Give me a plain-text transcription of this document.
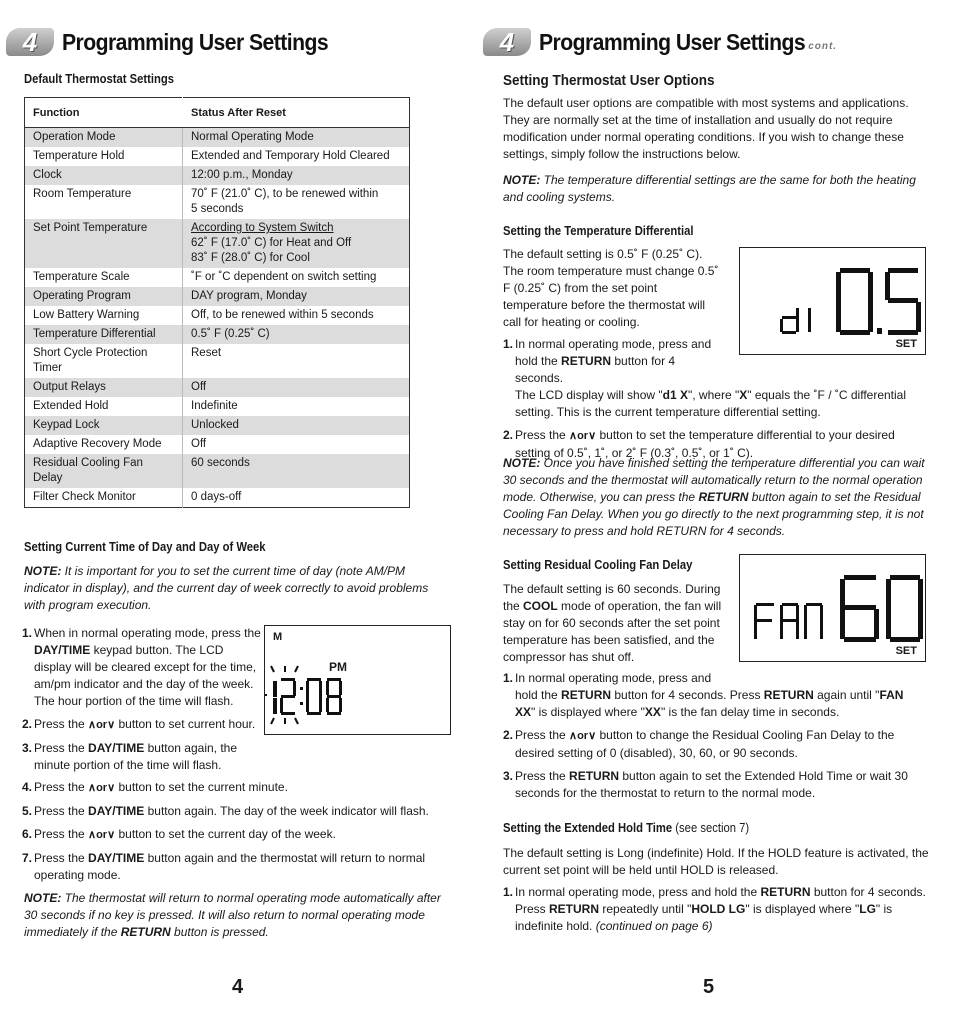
4	Programming User Settings
Default Thermostat Settings
Function	Status After Reset
Operation Mode	Normal Operating Mode
Temperature Hold	Extended and Temporary Hold Cleared
Clock	12:00 p.m., Monday
Room Temperature	70˚ F (21.0˚ C), to be renewed within
5 seconds
Set Point Temperature	According to System Switch
62˚ F (17.0˚ C) for Heat and Off
83˚ F (28.0˚ C) for Cool
Temperature Scale	˚F or ˚C dependent on switch setting
Operating Program	DAY program, Monday
Low Battery Warning	Off, to be renewed within 5 seconds
Temperature Differential	0.5˚ F (0.25˚ C)
Short Cycle Protection Timer	Reset
Output Relays	Off
Extended Hold	Indefinite
Keypad Lock	Unlocked
Adaptive Recovery Mode	Off
Residual Cooling Fan Delay	60 seconds
Filter Check Monitor	0 days-off
Setting Current Time of Day and Day of Week
NOTE: It is important for you to set the current time of day (note AM/PM indicator in display), and the current day of week correctly to avoid problems with program execution.
M
PM
1. When in normal operating mode, press the DAY/TIME keypad button. The LCD display will be cleared except for the time, am/pm indicator and the day of the week. The hour portion of the time will flash.
2. Press the ∧or∨ button to set current hour.
3. Press the DAY/TIME button again, the minute portion of the time will flash.
4. Press the ∧or∨ button to set the current minute.
5. Press the DAY/TIME button again. The day of the week indicator will flash.
6. Press the ∧or∨ button to set the current day of the week.
7. Press the DAY/TIME button again and the thermostat will return to normal operating mode.
NOTE: The thermostat will return to normal operating mode automatically after 30 seconds if no key is pressed. It will also return to normal operating mode immediately if the RETURN button is pressed.
4
4	Programming User Settings cont.
Setting Thermostat User Options
The default user options are compatible with most systems and applications. They are normally set at the time of installation and usually do not require modification under normal operating conditions. If you wish to change these settings, simply follow the instructions below.
NOTE: The temperature differential settings are the same for both the heating and cooling systems.
Setting the Temperature Differential
The default setting is 0.5˚ F (0.25˚ C). The room temperature must change 0.5˚ F (0.25˚ C) from the set point temperature before the thermostat will call for heating or cooling.
SET
1. In normal operating mode, press and hold the RETURN button for 4 seconds.
The LCD display will show "d1 X", where "X" equals the ˚F / ˚C differential setting. This is the current temperature differential setting.
2. Press the ∧or∨ button to set the temperature differential to your desired setting of 0.5˚, 1˚, or 2˚ F (0.3˚, 0.5˚, or 1˚ C).
NOTE: Once you have finished setting the temperature differential you can wait 30 seconds and the thermostat will automatically return to the normal operation mode. Otherwise, you can press the RETURN button again to set the Residual Cooling Fan Delay. When you go directly to the next programming step, it is not necessary to press and hold RETURN for 4 seconds.
Setting Residual Cooling Fan Delay
The default setting is 60 seconds. During the COOL mode of operation, the fan will stay on for 60 seconds after the set point temperature has been satisfied, and the compressor has shut off.	SET
1. In normal operating mode, press and
hold the RETURN button for 4 seconds. Press RETURN again until "FAN XX" is displayed where "XX" is the fan delay time in seconds.
2. Press the ∧or∨ button to change the Residual Cooling Fan Delay to the desired setting of 0 (disabled), 30, 60, or 90 seconds.
3. Press the RETURN button again to set the Extended Hold Time or wait 30 seconds for the thermostat to return to the normal mode.
Setting the Extended Hold Time (see section 7)
The default setting is Long (indefinite) Hold. If the HOLD feature is activated, the current set point will be held until HOLD is released.
1. In normal operating mode, press and hold the RETURN button for 4 seconds. Press RETURN repeatedly until "HOLD LG" is displayed where "LG" is indefinite hold. (continued on page 6)
5
